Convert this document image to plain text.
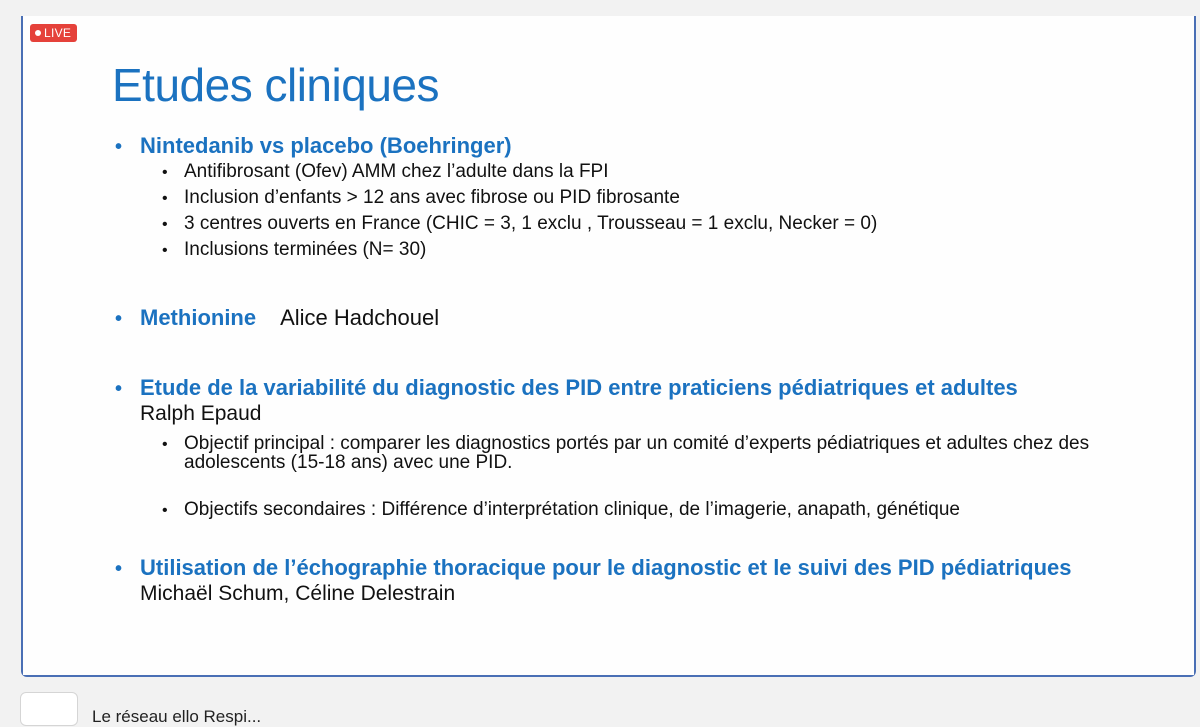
LIVE
Etudes cliniques
• Nintedanib vs placebo (Boehringer)
• Antifibrosant (Ofev) AMM chez l’adulte dans la FPI
• Inclusion d’enfants > 12 ans avec fibrose ou PID fibrosante
• 3 centres ouverts en France (CHIC = 3, 1 exclu , Trousseau = 1 exclu, Necker = 0)
• Inclusions terminées (N= 30)
• Methionine Alice Hadchouel
• Etude de la variabilité du diagnostic des PID entre praticiens pédiatriques et adultes
Ralph Epaud
• Objectif principal : comparer les diagnostics portés par un comité d’experts pédiatriques et adultes chez des adolescents (15-18 ans) avec une PID.
• Objectifs secondaires : Différence d’interprétation clinique, de l’imagerie, anapath, génétique
• Utilisation de l’échographie thoracique pour le diagnostic et le suivi des PID pédiatriques
Michaël Schum, Céline Delestrain
Le réseau ello Respi...
